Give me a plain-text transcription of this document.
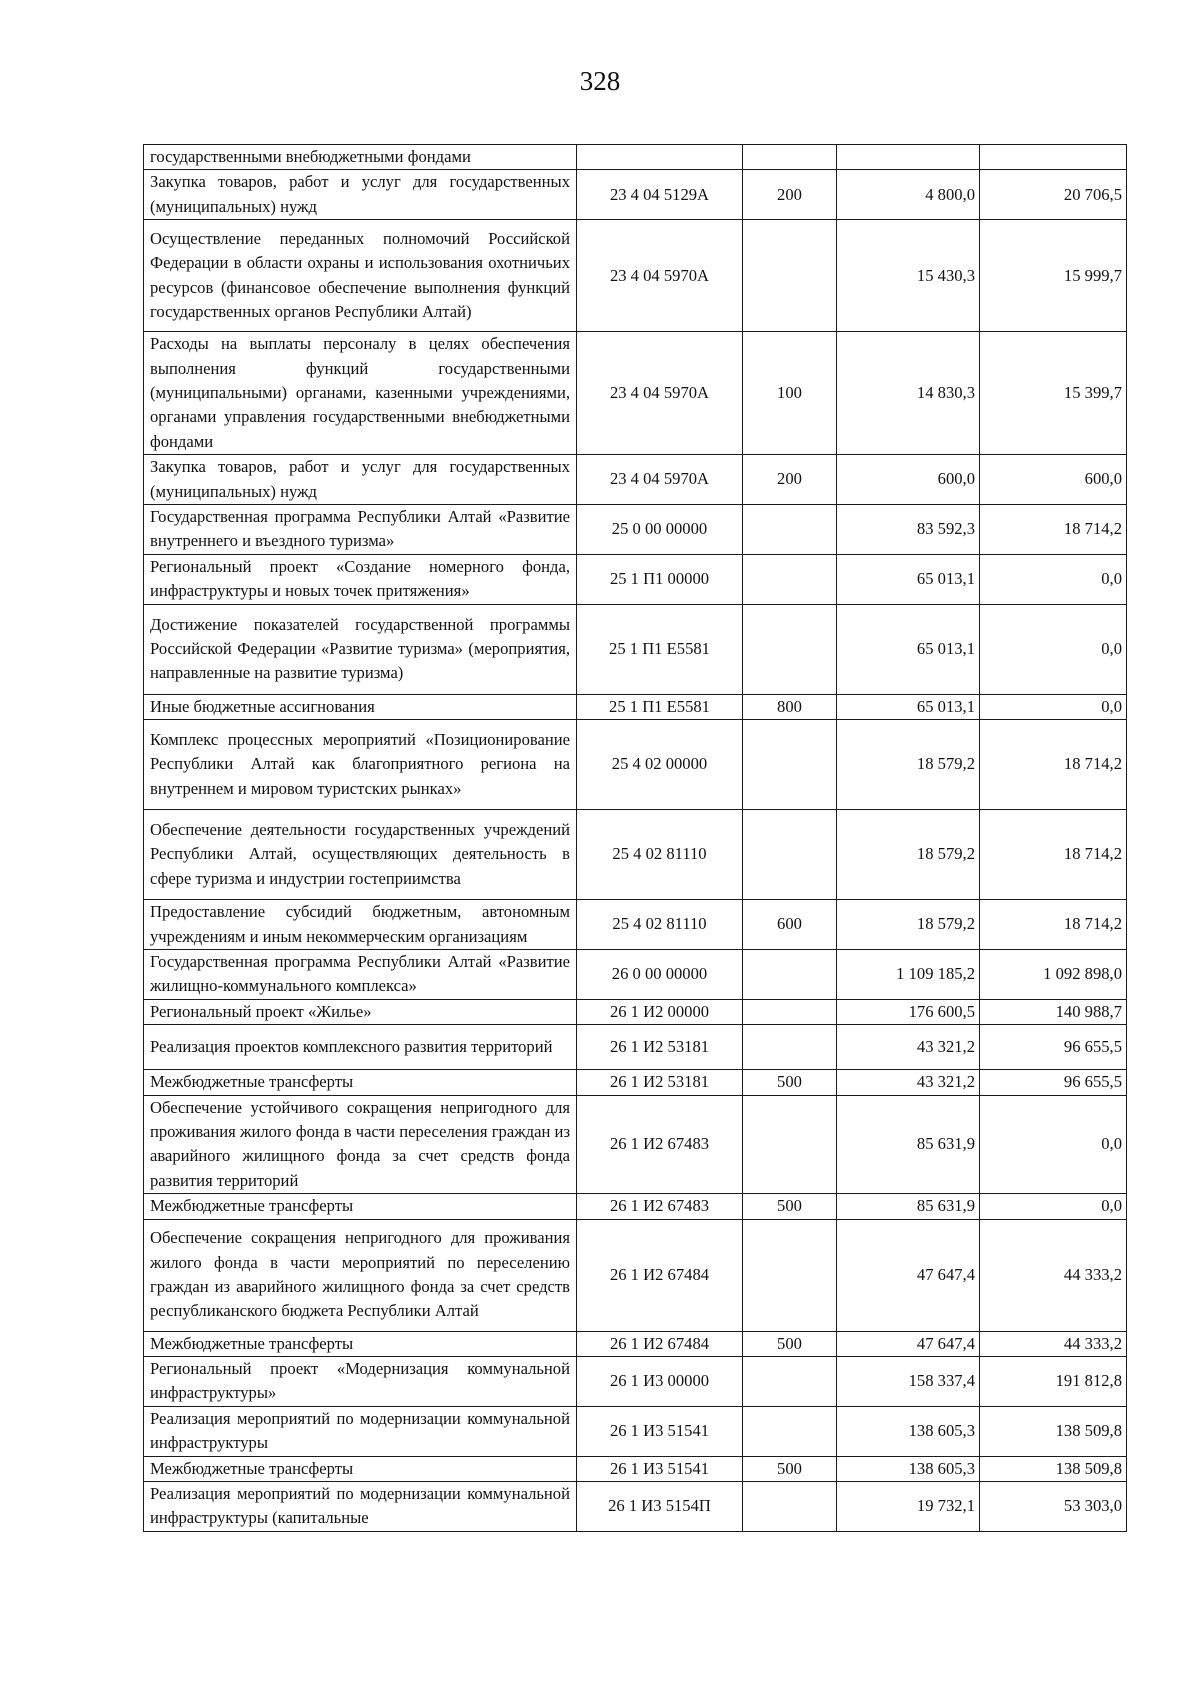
328
государственными внебюджетными фондами				
Закупка товаров, работ и услуг для государственных (муниципальных) нужд	23 4 04 5129А	200	4 800,0	20 706,5
Осуществление переданных полномочий Российской Федерации в области охраны и использования охотничьих ресурсов (финансовое обеспечение выполнения функций государственных органов Республики Алтай)	23 4 04 5970А		15 430,3	15 999,7
Расходы на выплаты персоналу в целях обеспечения выполнения функций государственными (муниципальными) органами, казенными учреждениями, органами управления государственными внебюджетными фондами	23 4 04 5970А	100	14 830,3	15 399,7
Закупка товаров, работ и услуг для государственных (муниципальных) нужд	23 4 04 5970А	200	600,0	600,0
Государственная программа Республики Алтай «Развитие внутреннего и въездного туризма»	25 0 00 00000		83 592,3	18 714,2
Региональный проект «Создание номерного фонда, инфраструктуры и новых точек притяжения»	25 1 П1 00000		65 013,1	0,0
Достижение показателей государственной программы Российской Федерации «Развитие туризма» (мероприятия, направленные на развитие туризма)	25 1 П1 Е5581		65 013,1	0,0
Иные бюджетные ассигнования	25 1 П1 Е5581	800	65 013,1	0,0
Комплекс процессных мероприятий «Позиционирование Республики Алтай как благоприятного региона на внутреннем и мировом туристских рынках»	25 4 02 00000		18 579,2	18 714,2
Обеспечение деятельности государственных учреждений Республики Алтай, осуществляющих деятельность в сфере туризма и индустрии гостеприимства	25 4 02 81110		18 579,2	18 714,2
Предоставление субсидий бюджетным, автономным учреждениям и иным некоммерческим организациям	25 4 02 81110	600	18 579,2	18 714,2
Государственная программа Республики Алтай «Развитие жилищно-коммунального комплекса»	26 0 00 00000		1 109 185,2	1 092 898,0
Региональный проект «Жилье»	26 1 И2 00000		176 600,5	140 988,7
Реализация проектов комплексного развития территорий	26 1 И2 53181		43 321,2	96 655,5
Межбюджетные трансферты	26 1 И2 53181	500	43 321,2	96 655,5
Обеспечение устойчивого сокращения непригодного для проживания жилого фонда в части переселения граждан из аварийного жилищного фонда за счет средств фонда развития территорий	26 1 И2 67483		85 631,9	0,0
Межбюджетные трансферты	26 1 И2 67483	500	85 631,9	0,0
Обеспечение сокращения непригодного для проживания жилого фонда в части мероприятий по переселению граждан из аварийного жилищного фонда за счет средств республиканского бюджета Республики Алтай	26 1 И2 67484		47 647,4	44 333,2
Межбюджетные трансферты	26 1 И2 67484	500	47 647,4	44 333,2
Региональный проект «Модернизация коммунальной инфраструктуры»	26 1 И3 00000		158 337,4	191 812,8
Реализация мероприятий по модернизации коммунальной инфраструктуры	26 1 И3 51541		138 605,3	138 509,8
Межбюджетные трансферты	26 1 И3 51541	500	138 605,3	138 509,8
Реализация мероприятий по модернизации коммунальной инфраструктуры (капитальные	26 1 И3 5154П		19 732,1	53 303,0
